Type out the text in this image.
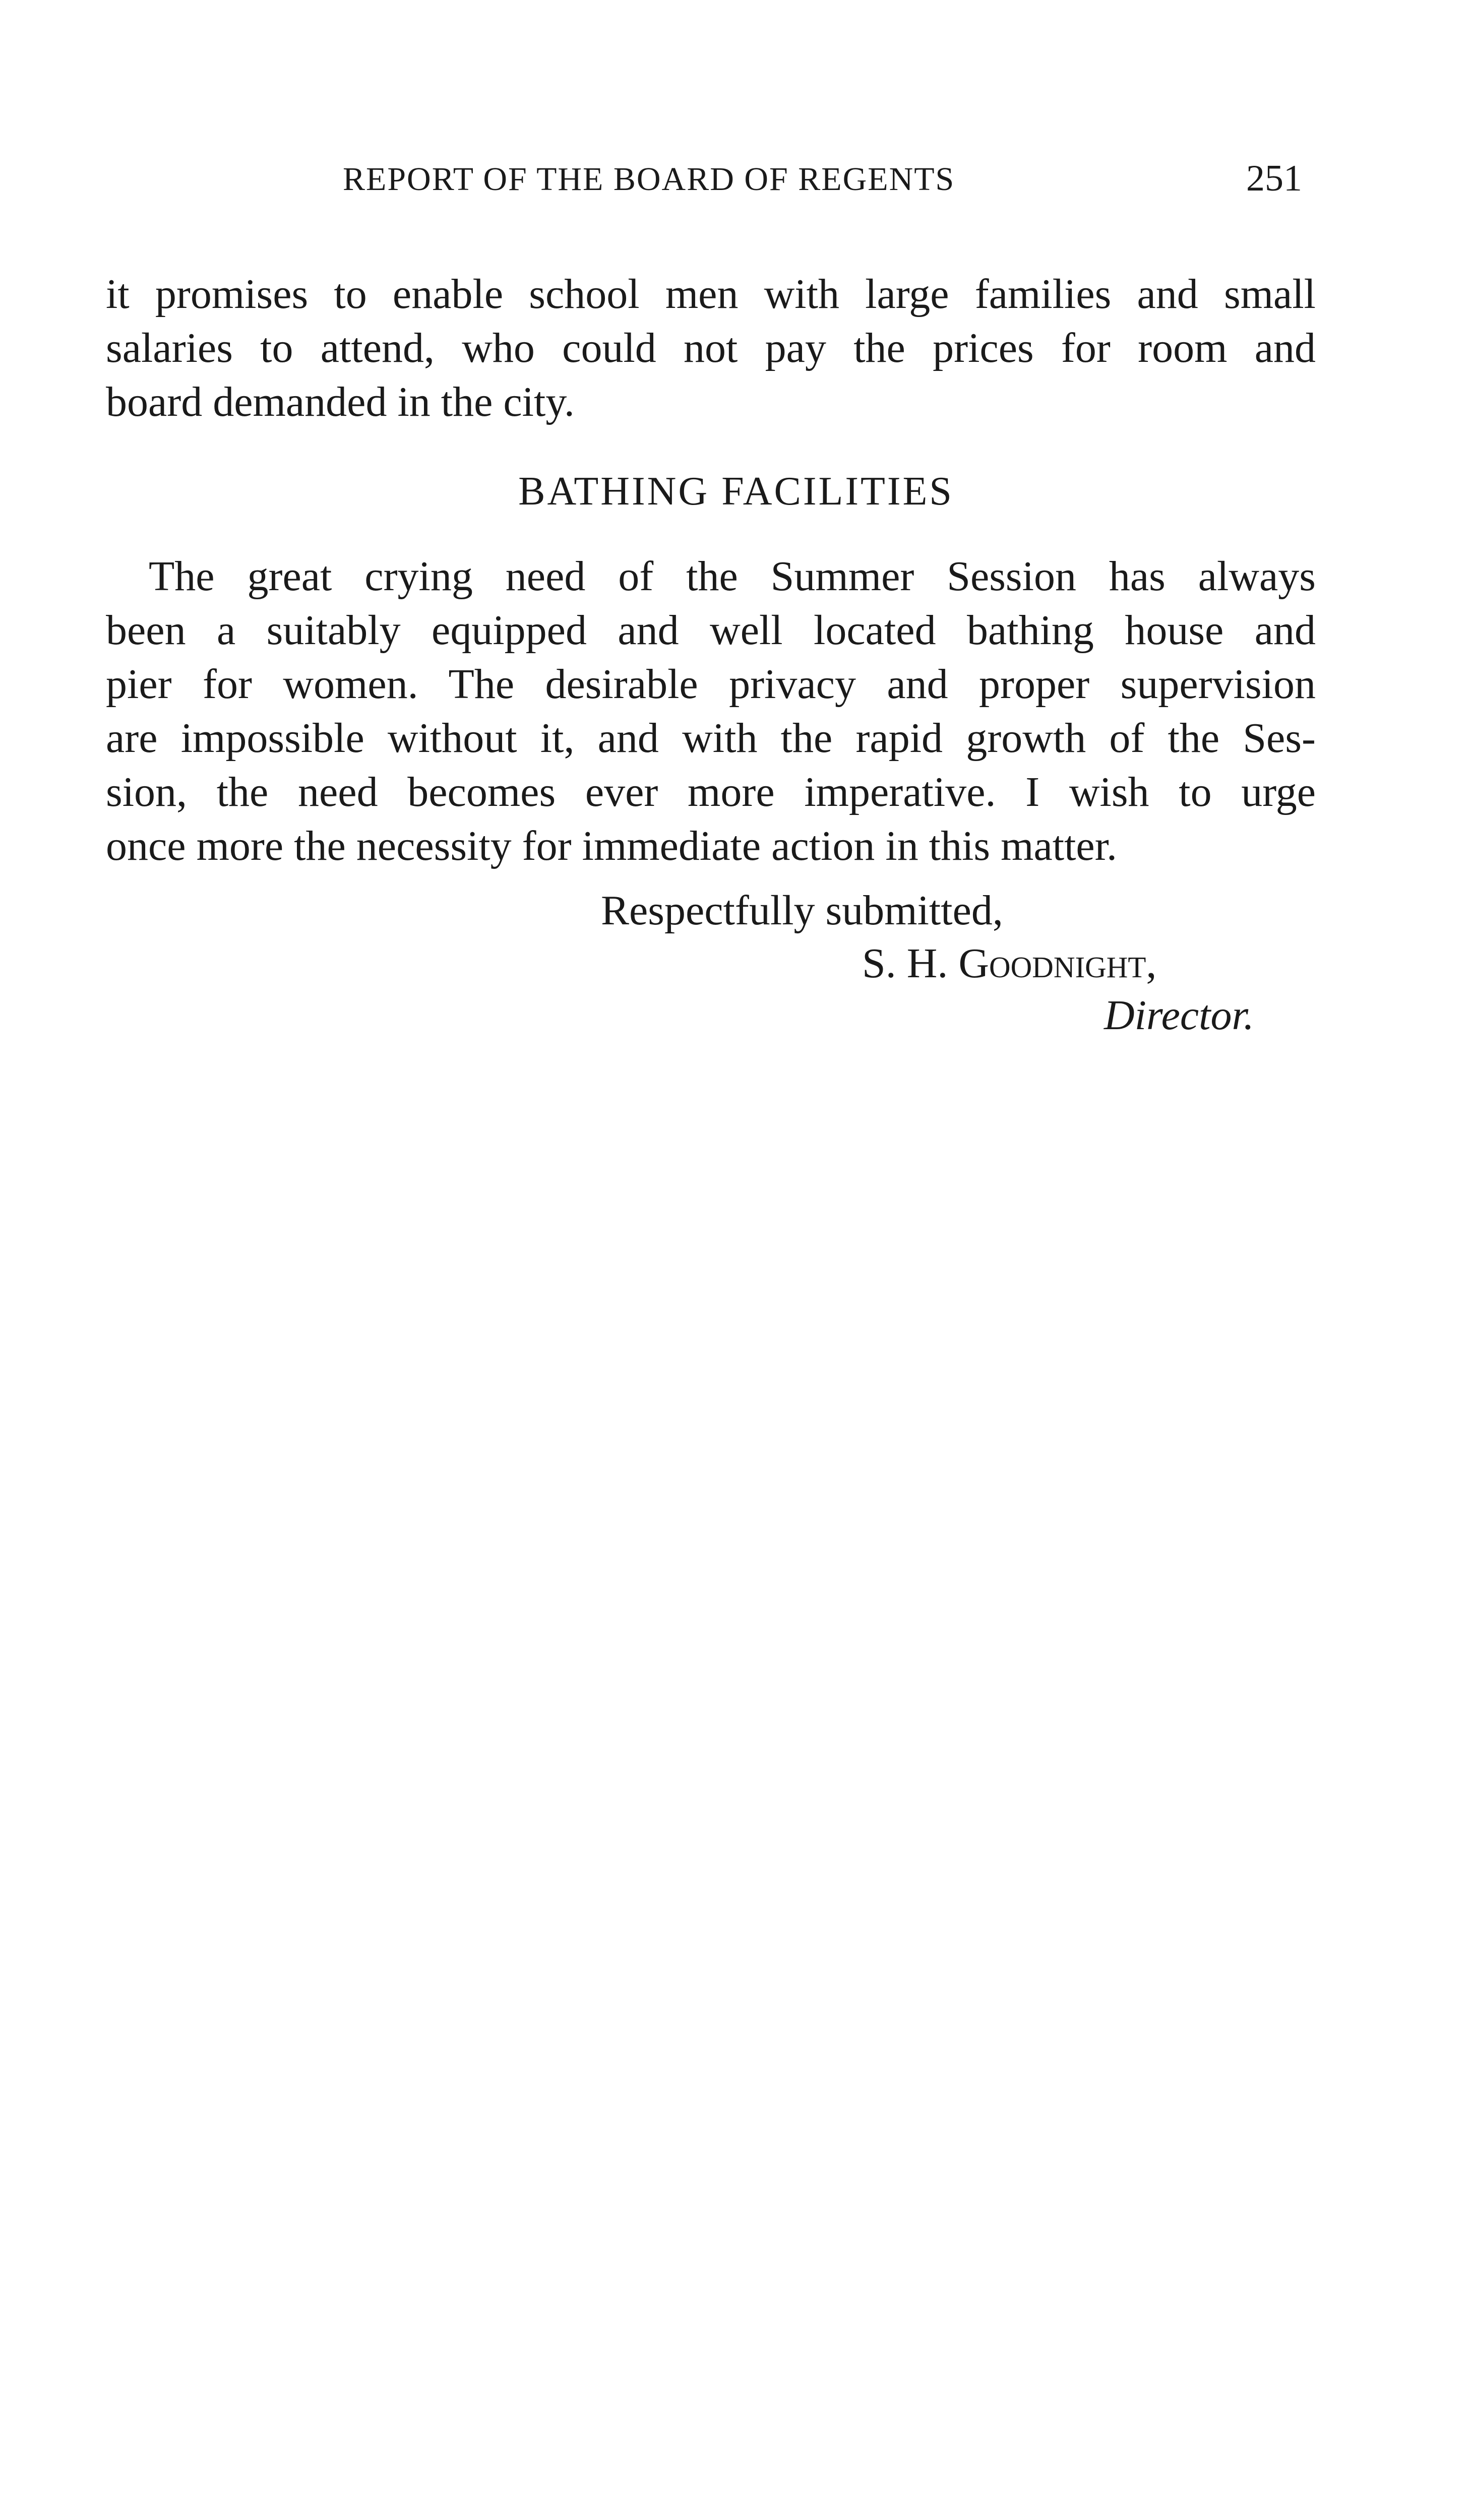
REPORT OF THE BOARD OF REGENTS	251

it promises to enable school men with large families and small
salaries to attend, who could not pay the prices for room and
board demanded in the city.

BATHING FACILITIES

The great crying need of the Summer Session has always
been a suitably equipped and well located bathing house and
pier for women. The desirable privacy and proper supervision
are impossible without it, and with the rapid growth of the Ses-
sion, the need becomes ever more imperative. I wish to urge
once more the necessity for immediate action in this matter.

Respectfully submitted,
S. H. Goodnight,
Director.
